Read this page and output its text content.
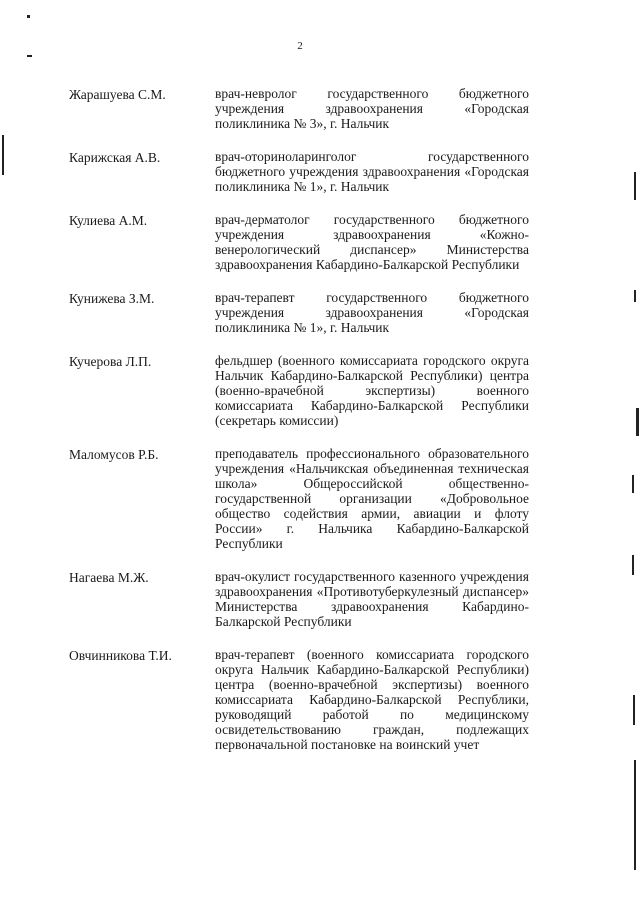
2
Жарашуева С.М.	врач-невролог государственного бюджетного учреждения здравоохранения «Городская поликлиника № 3», г. Нальчик
Карижская А.В.	врач-оториноларинголог государственного бюджетного учреждения здравоохранения «Городская поликлиника № 1», г. Нальчик
Кулиева А.М.	врач-дерматолог государственного бюджетного учреждения здравоохранения «Кожно-венерологический диспансер» Министерства здравоохранения Кабардино-Балкарской Республики
Кунижева З.М.	врач-терапевт государственного бюджетного учреждения здравоохранения «Городская поликлиника № 1», г. Нальчик
Кучерова Л.П.	фельдшер (военного комиссариата городского округа Нальчик Кабардино-Балкарской Республики) центра (военно-врачебной экспертизы) военного комиссариата Кабардино-Балкарской Республики (секретарь комиссии)
Маломусов Р.Б.	преподаватель профессионального образовательного учреждения «Нальчикская объединенная техническая школа» Общероссийской общественно-государственной организации «Добровольное общество содействия армии, авиации и флоту России» г. Нальчика Кабардино-Балкарской Республики
Нагаева М.Ж.	врач-окулист государственного казенного учреждения здравоохранения «Противотуберкулезный диспансер» Министерства здравоохранения Кабардино-Балкарской Республики
Овчинникова Т.И.	врач-терапевт (военного комиссариата городского округа Нальчик Кабардино-Балкарской Республики) центра (военно-врачебной экспертизы) военного комиссариата Кабардино-Балкарской Республики, руководящий работой по медицинскому освидетельствованию граждан, подлежащих первоначальной постановке на воинский учет
